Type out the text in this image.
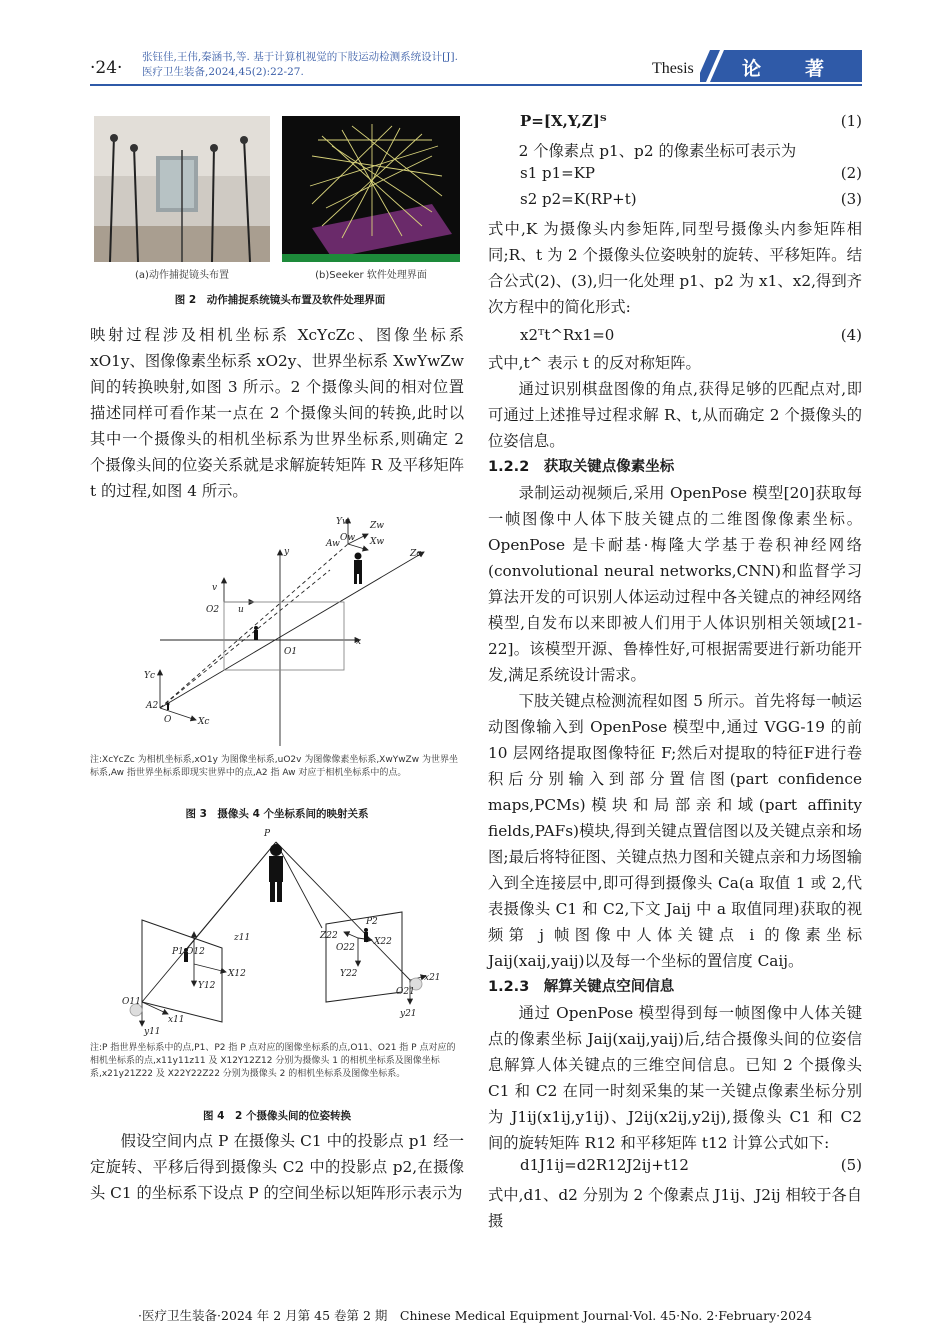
·24·
张钰佳,王伟,秦涵书,等. 基于计算机视觉的下肢运动检测系统设计[J].
医疗卫生装备,2024,45(2):22-27.	Thesis	论　　著
(a)动作捕捉镜头布置	(b)Seeker 软件处理界面
图 2　动作捕捉系统镜头布置及软件处理界面

映射过程涉及相机坐标系 XcYcZc、图像坐标系 xO1y、图像像素坐标系 xO2y、世界坐标系 XwYwZw 间的转换映射,如图 3 所示。2 个摄像头间的相对位置描述同样可看作某一点在 2 个摄像头间的转换,此时以其中一个摄像头的相机坐标系为世界坐标系,则确定 2 个摄像头间的位姿关系就是求解旋转矩阵 R 及平移矩阵 t 的过程,如图 4 所示。

Yw Zw
Xw
Aw
Ow
y	Zc
v
O2 u
x
O1
Yc
A2
O	Xc
注:XcYcZc 为相机坐标系,xO1y 为图像坐标系,uO2v 为图像像素坐标系,XwYwZw 为世界坐标系,Aw 指世界坐标系即现实世界中的点,A2 指 Aw 对应于相机坐标系中的点。
图 3　摄像头 4 个坐标系间的映射关系
P
z11
P1 O12
X12
Y12
O11
x11
y11
Z22
P2
O22
X22
Y22
O21
x21
y21
注:P 指世界坐标系中的点,P1、P2 指 P 点对应的图像坐标系的点,O11、O21 指 P 点对应的相机坐标系的点,x11y11z11 及 X12Y12Z12 分别为摄像头 1 的相机坐标系及图像坐标系,x21y21Z22 及 X22Y22Z22 分别为摄像头 2 的相机坐标系及图像坐标系。
图 4　2 个摄像头间的位姿转换

假设空间内点 P 在摄像头 C1 中的投影点 p1 经一定旋转、平移后得到摄像头 C2 中的投影点 p2,在摄像头 C1 的坐标系下设点 P 的空间坐标以矩阵形示表示为

P=[X,Y,Z]ᵀ	(1)

2 个像素点 p1、p2 的像素坐标可表示为

s1 p1=KP	(2)
s2 p2=K(RP+t)	(3)

式中,K 为摄像头内参矩阵,同型号摄像头内参矩阵相同;R、t 为 2 个摄像头位姿映射的旋转、平移矩阵。结合公式(2)、(3),归一化处理 p1、p2 为 x1、x2,得到齐次方程中的简化形式:

x2ᵀt^Rx1=0	(4)

式中,t^ 表示 t 的反对称矩阵。

通过识别棋盘图像的角点,获得足够的匹配点对,即可通过上述推导过程求解 R、t,从而确定 2 个摄像头的位姿信息。

1.2.2　获取关键点像素坐标

录制运动视频后,采用 OpenPose 模型[20]获取每一帧图像中人体下肢关键点的二维图像像素坐标。OpenPose 是卡耐基·梅隆大学基于卷积神经网络(convolutional neural networks,CNN)和监督学习算法开发的可识别人体运动过程中各关键点的神经网络模型,自发布以来即被人们用于人体识别相关领域[21-22]。该模型开源、鲁棒性好,可根据需要进行新功能开发,满足系统设计需求。

下肢关键点检测流程如图 5 所示。首先将每一帧运动图像输入到 OpenPose 模型中,通过 VGG-19 的前 10 层网络提取图像特征 F;然后对提取的特征F进行卷积后分别输入到部分置信图(part confidence maps,PCMs)模块和局部亲和域(part affinity fields,PAFs)模块,得到关键点置信图以及关键点亲和场图;最后将特征图、关键点热力图和关键点亲和力场图输入到全连接层中,即可得到摄像头 Ca(a 取值 1 或 2,代表摄像头 C1 和 C2,下文 Jaij 中 a 取值同理)获取的视频第 j 帧图像中人体关键点 i 的像素坐标 Jaij(xaij,yaij)以及每一个坐标的置信度 Caij。

1.2.3　解算关键点空间信息

通过 OpenPose 模型得到每一帧图像中人体关键点的像素坐标 Jaij(xaij,yaij)后,结合摄像头间的位姿信息解算人体关键点的三维空间信息。已知 2 个摄像头 C1 和 C2 在同一时刻采集的某一关键点像素坐标分别为 J1ij(x1ij,y1ij)、J2ij(x2ij,y2ij),摄像头 C1 和 C2 间的旋转矩阵 R12 和平移矩阵 t12 计算公式如下:

d1J1ij=d2R12J2ij+t12	(5)

式中,d1、d2 分别为 2 个像素点 J1ij、J2ij 相较于各自摄

·医疗卫生装备·2024 年 2 月第 45 卷第 2 期　Chinese Medical Equipment Journal·Vol. 45·No. 2·February·2024
